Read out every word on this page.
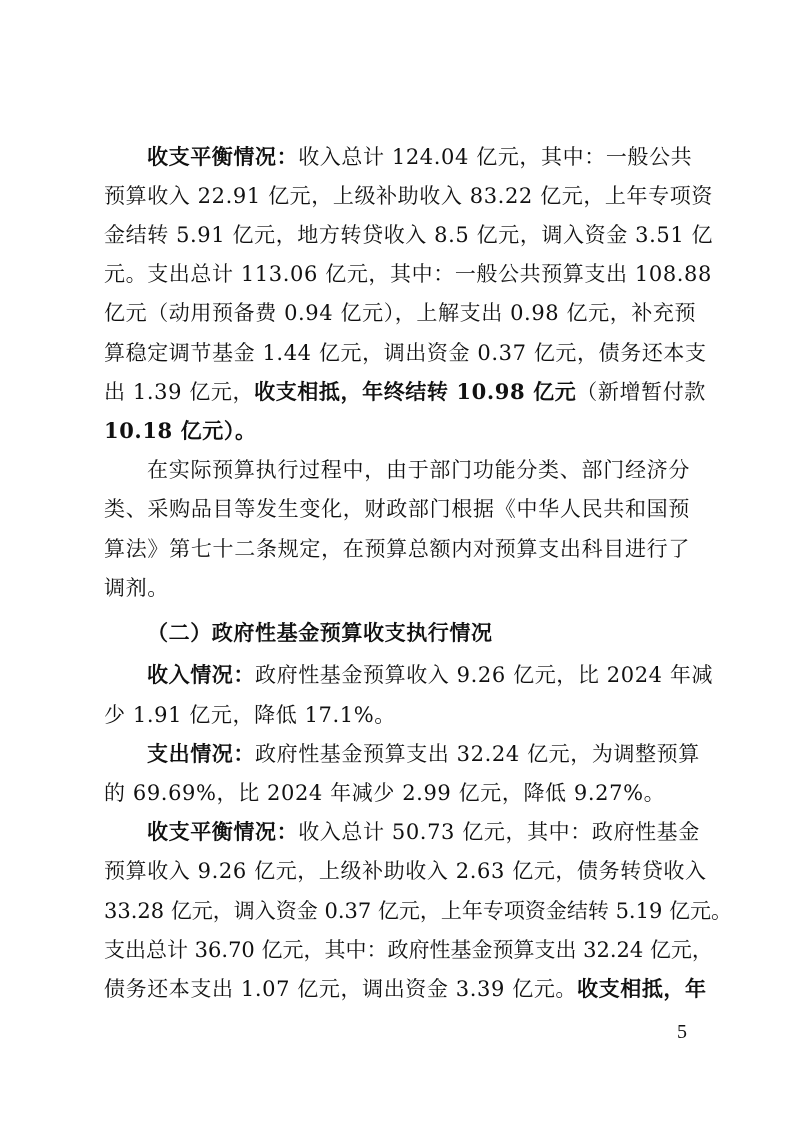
收支平衡情况：收入总计 124.04 亿元，其中：一般公共
预算收入 22.91 亿元，上级补助收入 83.22 亿元，上年专项资
金结转 5.91 亿元，地方转贷收入 8.5 亿元，调入资金 3.51 亿
元。支出总计 113.06 亿元，其中：一般公共预算支出 108.88
亿元（动用预备费 0.94 亿元），上解支出 0.98 亿元，补充预
算稳定调节基金 1.44 亿元，调出资金 0.37 亿元，债务还本支
出 1.39 亿元，收支相抵，年终结转 10.98 亿元（新增暂付款
10.18 亿元）。
在实际预算执行过程中，由于部门功能分类、部门经济分
类、采购品目等发生变化，财政部门根据《中华人民共和国预
算法》第七十二条规定，在预算总额内对预算支出科目进行了
调剂。
（二）政府性基金预算收支执行情况
收入情况：政府性基金预算收入 9.26 亿元，比 2024 年减
少 1.91 亿元，降低 17.1%。
支出情况：政府性基金预算支出 32.24 亿元，为调整预算
的 69.69%，比 2024 年减少 2.99 亿元，降低 9.27%。
收支平衡情况：收入总计 50.73 亿元，其中：政府性基金
预算收入 9.26 亿元，上级补助收入 2.63 亿元，债务转贷收入
33.28 亿元，调入资金 0.37 亿元，上年专项资金结转 5.19 亿元。
支出总计 36.70 亿元，其中：政府性基金预算支出 32.24 亿元，
债务还本支出 1.07 亿元，调出资金 3.39 亿元。收支相抵，年
5
